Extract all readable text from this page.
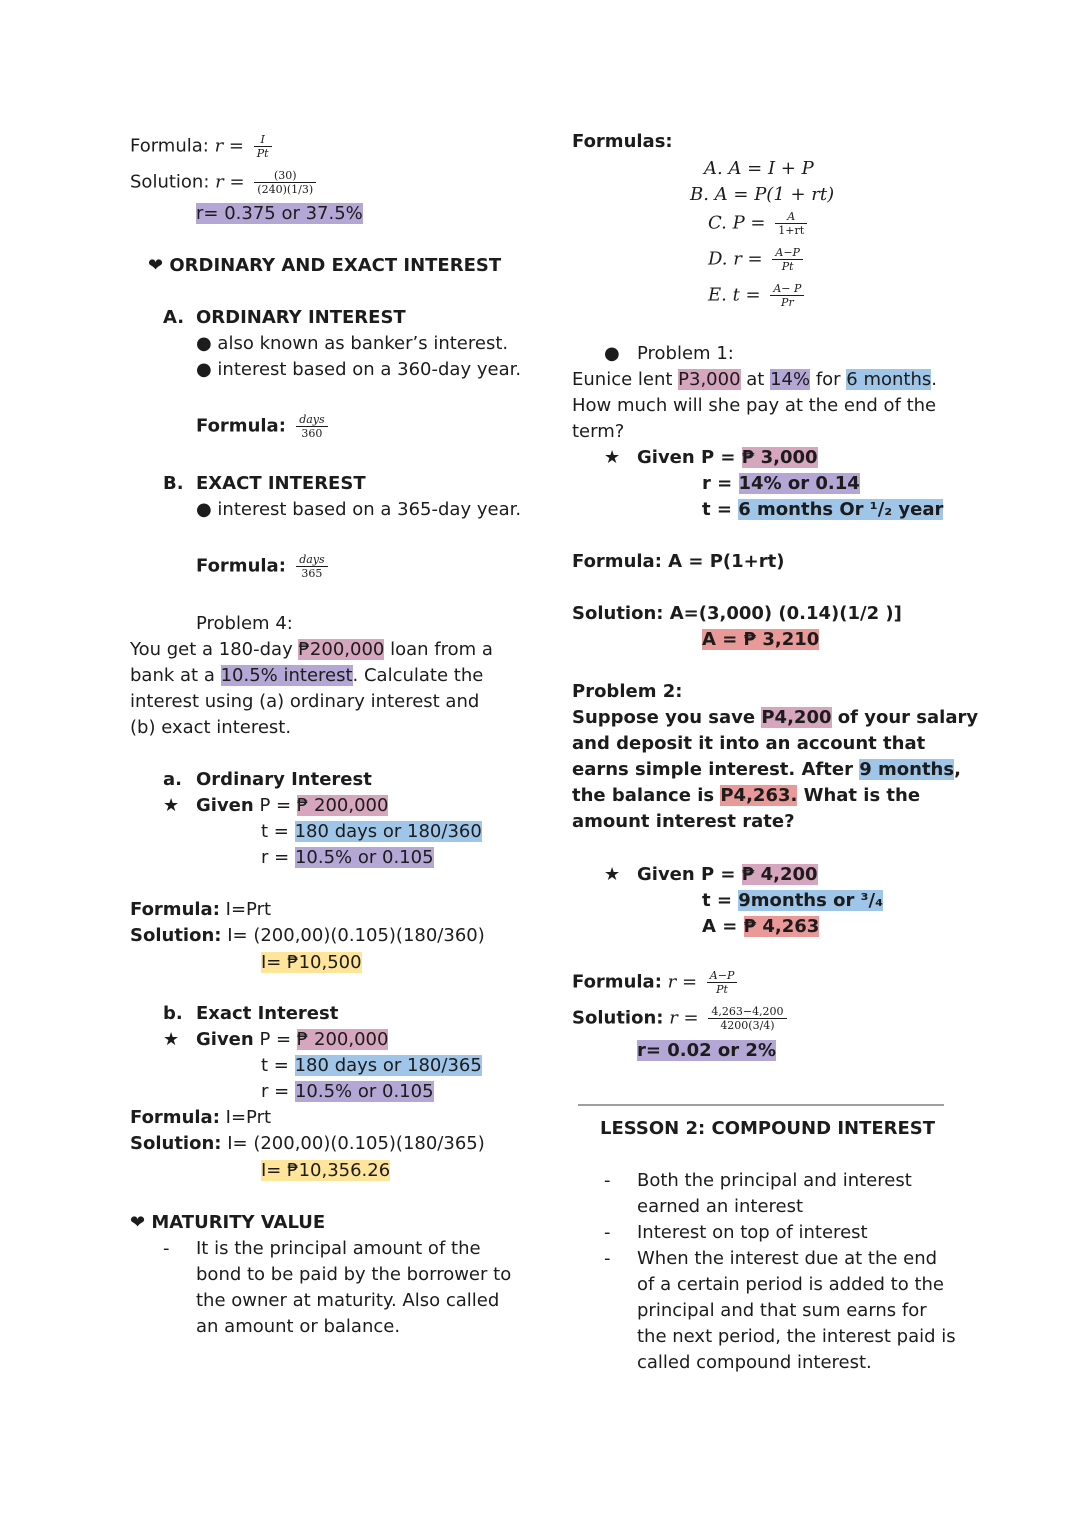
Formula: $r = \frac{I}{Pt}$
Solution: $r = \frac{(30)}{(240)(1/3)}$
r= 0.375 or 37.5%
❤ ORDINARY AND EXACT INTEREST
A. ORDINARY INTEREST
● also known as banker’s interest.
● interest based on a 360-day year.
Formula: $\frac{\text{days}}{360}$
B. EXACT INTEREST
● interest based on a 365-day year.
Formula: $\frac{\text{days}}{365}$
Problem 4:
You get a 180-day ₱200,000 loan from a
bank at a 10.5% interest. Calculate the
interest using (a) ordinary interest and
(b) exact interest.
a. Ordinary Interest
★ Given P = ₱ 200,000
t = 180 days or 180/360
r = 10.5% or 0.105
Formula: I=Prt
Solution: I= (200,00)(0.105)(180/360)
I= ₱10,500
b. Exact Interest
★ Given P = ₱ 200,000
t = 180 days or 180/365
r = 10.5% or 0.105
Formula: I=Prt
Solution: I= (200,00)(0.105)(180/365)
I= ₱10,356.26
❤ MATURITY VALUE
- It is the principal amount of the
bond to be paid by the borrower to
the owner at maturity. Also called
an amount or balance.
Formulas:
A. A = I + P
B. A = P(1 + rt)
C. $P = \frac{A}{1+rt}$
D. $r = \frac{A-P}{Pt}$
E. $t = \frac{A- P}{Pr}$
● Problem 1:
Eunice lent P3,000 at 14% for 6 months.
How much will she pay at the end of the
term?
★ Given P = ₱ 3,000
r = 14% or 0.14
t = 6 months Or ¹/₂ year
Formula: A = P(1+rt)
Solution: A=(3,000) (0.14)(1/2 )]
A = ₱ 3,210
Problem 2:
Suppose you save P4,200 of your salary
and deposit it into an account that
earns simple interest. After 9 months,
the balance is P4,263. What is the
amount interest rate?
★ Given P = ₱ 4,200
t = 9months or ³/₄
A = ₱ 4,263
Formula: $r = \frac{A-P}{Pt}$
Solution: $r = \frac{4,263-4,200}{4200(3/4)}$
r= 0.02 or 2%
LESSON 2: COMPOUND INTEREST
- Both the principal and interest
earned an interest
- Interest on top of interest
- When the interest due at the end
of a certain period is added to the
principal and that sum earns for
the next period, the interest paid is
called compound interest.
